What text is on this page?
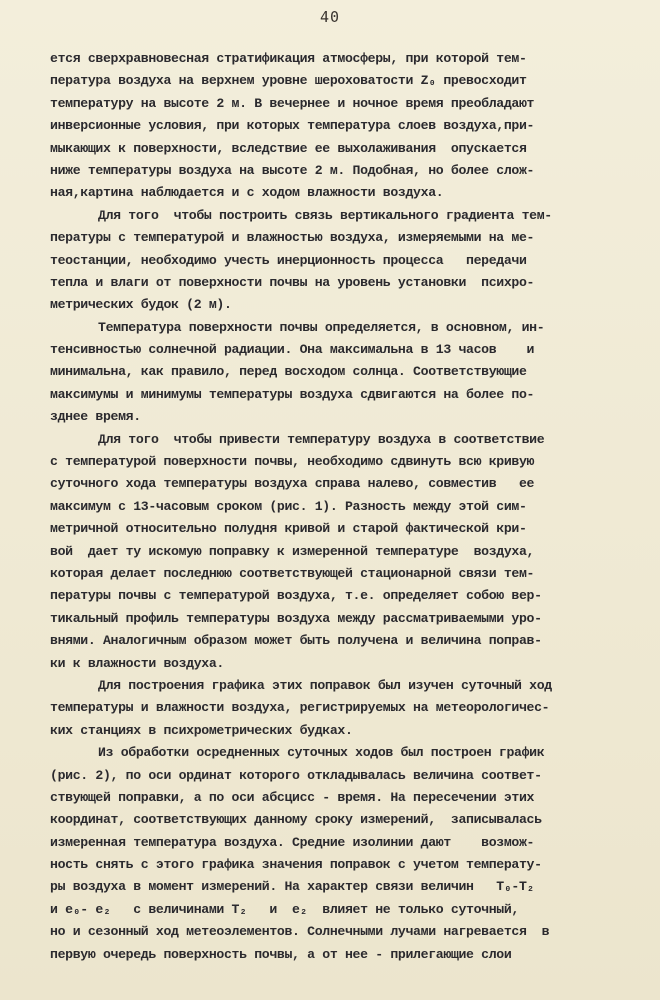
40
ется сверхравновесная стратификация атмосферы, при которой тем-
пература воздуха на верхнем уровне шероховатости Z₀ превосходит
температуру на высоте 2 м. В вечернее и ночное время преобладают
инверсионные условия, при которых температура слоев воздуха,при-
мыкающих к поверхности, вследствие ее выхолаживания  опускается
ниже температуры воздуха на высоте 2 м. Подобная, но более слож-
ная,картина наблюдается и с ходом влажности воздуха.
Для того  чтобы построить связь вертикального градиента тем-
пературы с температурой и влажностью воздуха, измеряемыми на ме-
теостанции, необходимо учесть инерционность процесса   передачи
тепла и влаги от поверхности почвы на уровень установки  психро-
метрических будок (2 м).
Температура поверхности почвы определяется, в основном, ин-
тенсивностью солнечной радиации. Она максимальна в 13 часов    и
минимальна, как правило, перед восходом солнца. Соответствующие
максимумы и минимумы температуры воздуха сдвигаются на более по-
зднее время.
Для того  чтобы привести температуру воздуха в соответствие
с температурой поверхности почвы, необходимо сдвинуть всю кривую
суточного хода температуры воздуха справа налево, совместив   ее
максимум с 13-часовым сроком (рис. 1). Разность между этой сим-
метричной относительно полудня кривой и старой фактической кри-
вой  дает ту искомую поправку к измеренной температуре  воздуха,
которая делает последнюю соответствующей стационарной связи тем-
пературы почвы с температурой воздуха, т.е. определяет собою вер-
тикальный профиль температуры воздуха между рассматриваемыми уро-
внями. Аналогичным образом может быть получена и величина поправ-
ки к влажности воздуха.
Для построения графика этих поправок был изучен суточный ход
температуры и влажности воздуха, регистрируемых на метеорологичес-
ких станциях в психрометрических будках.
Из обработки осредненных суточных ходов был построен график
(рис. 2), по оси ординат которого откладывалась величина соответ-
ствующей поправки, а по оси абсцисс - время. На пересечении этих
координат, соответствующих данному сроку измерений,  записывалась
измеренная температура воздуха. Средние изолинии дают    возмож-
ность снять с этого графика значения поправок с учетом температу-
ры воздуха в момент измерений. На характер связи величин   T₀-T₂
и e₀- e₂   с величинами T₂   и  e₂  влияет не только суточный,
но и сезонный ход метеоэлементов. Солнечными лучами нагревается  в
первую очередь поверхность почвы, а от нее - прилегающие слои
